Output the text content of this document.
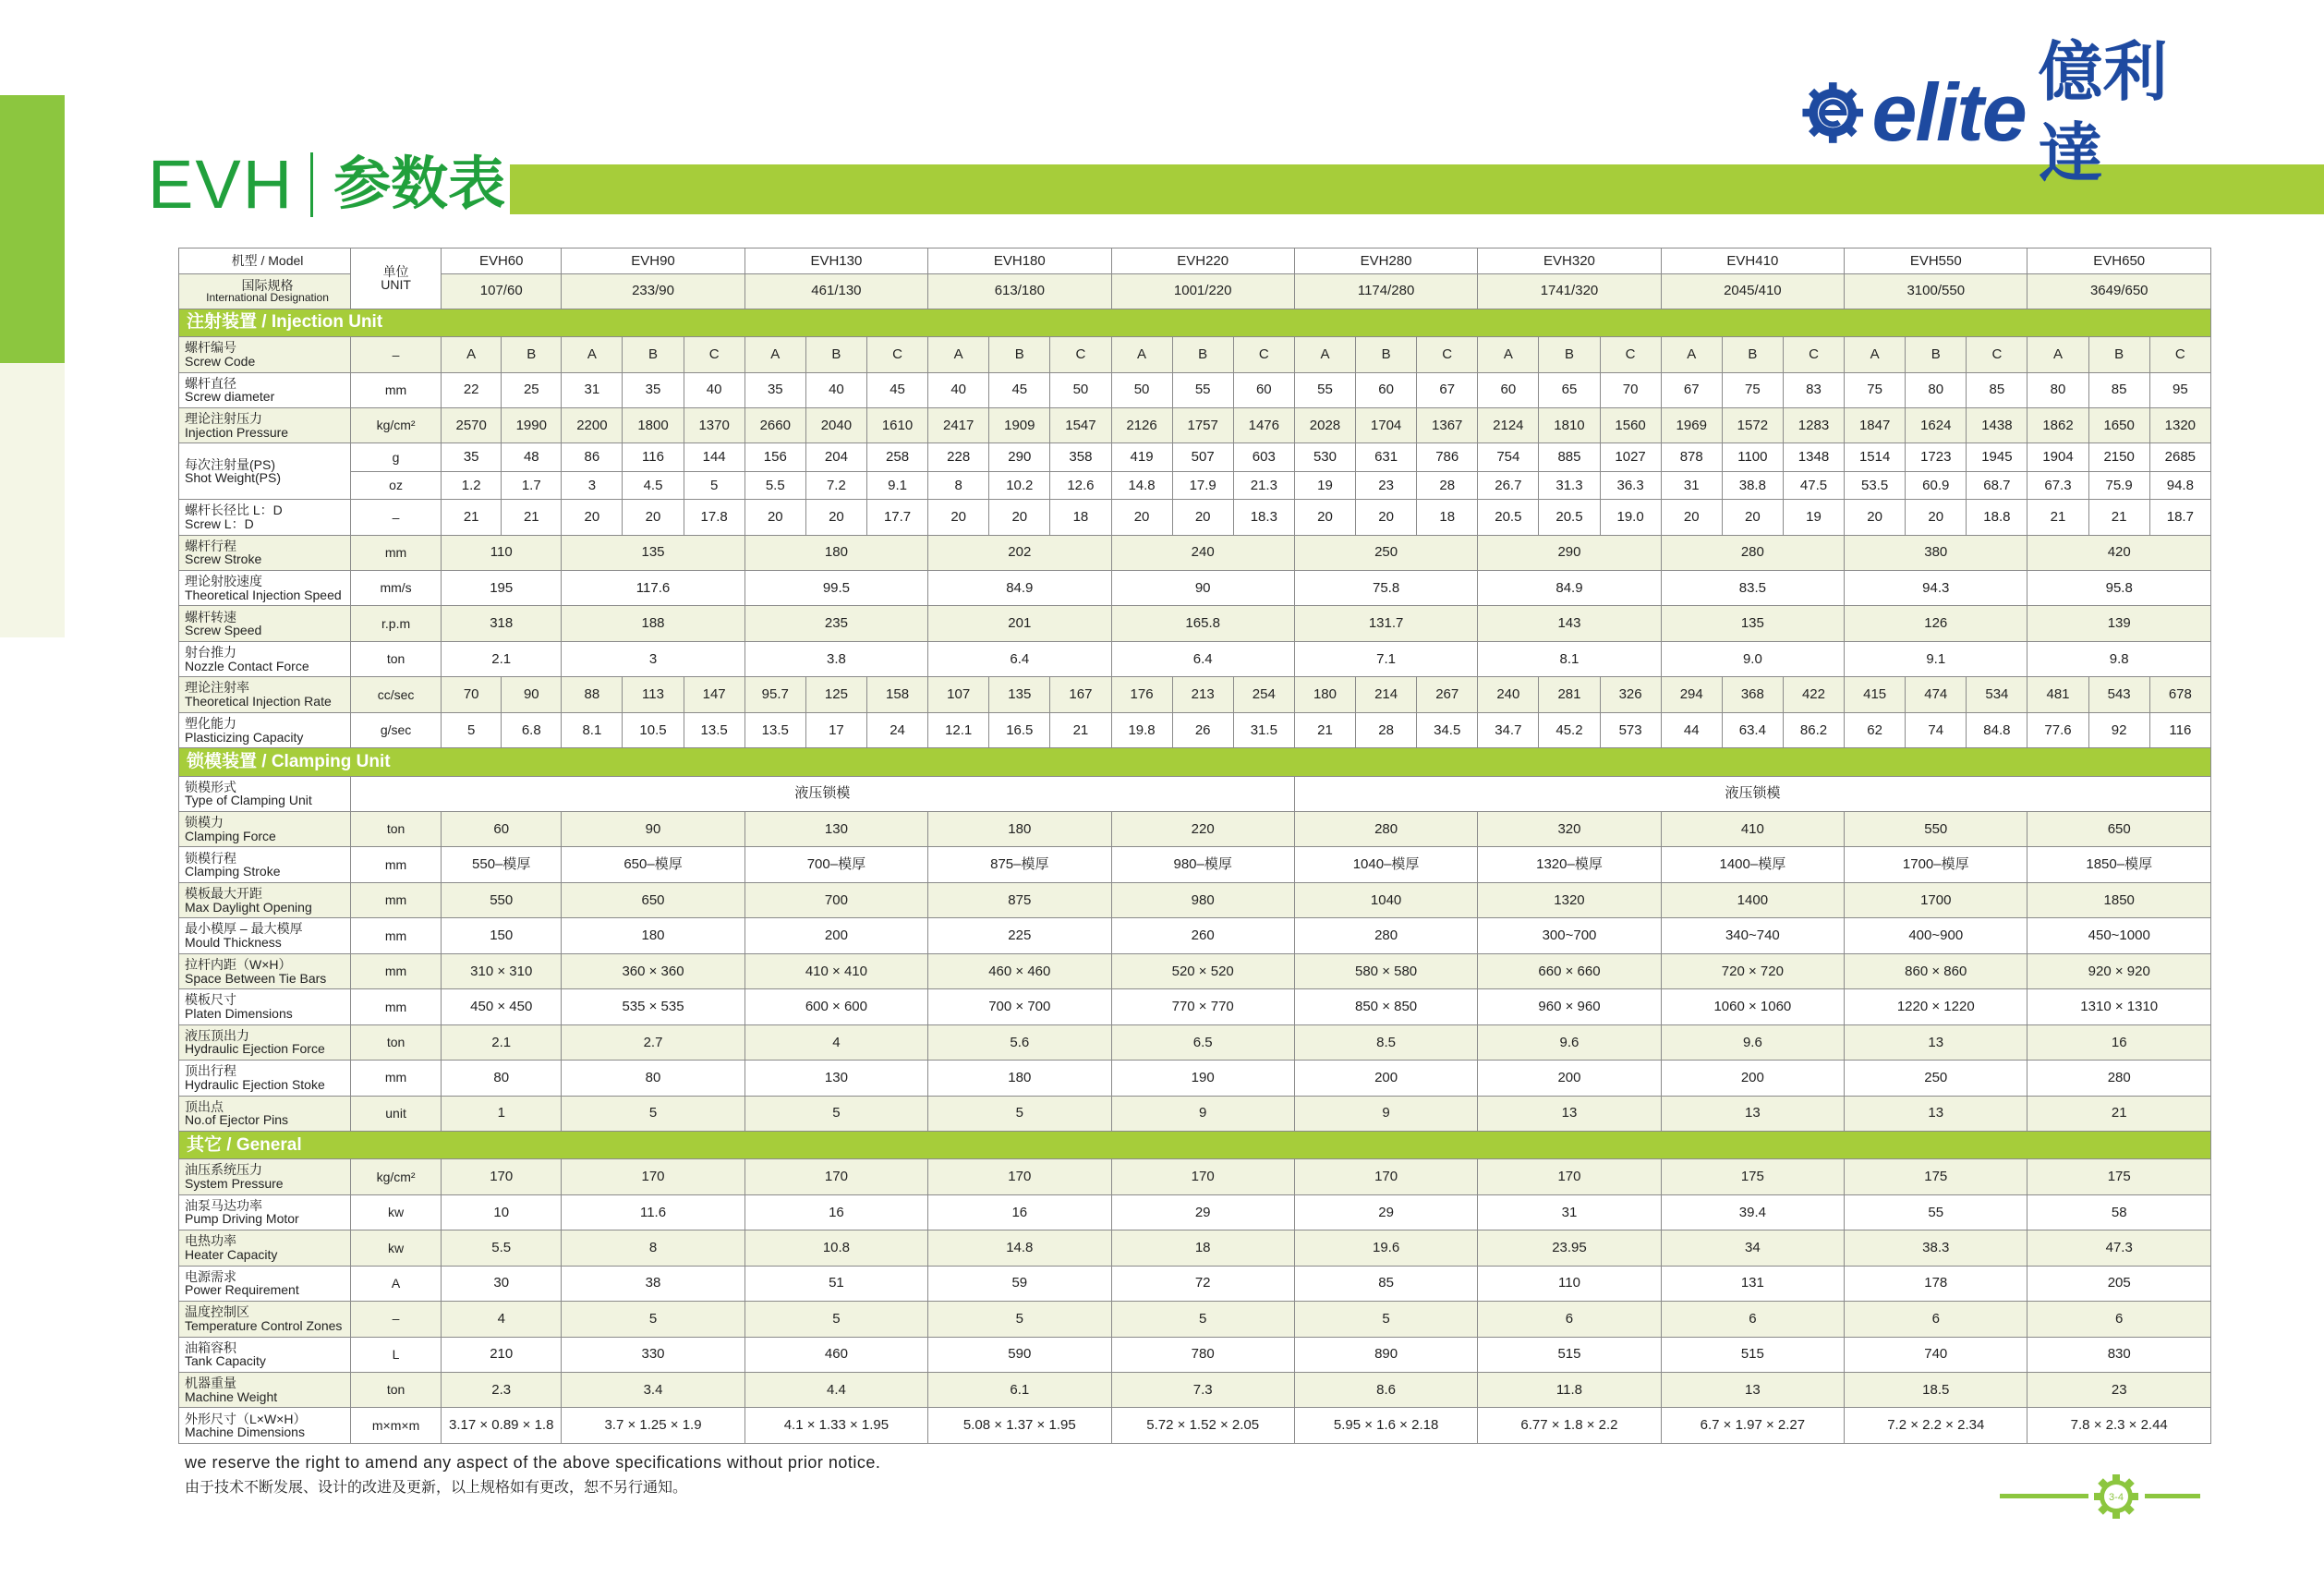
EVH 参数表
elite 億利達
机型 / Model	单位
UNIT	EVH60		EVH90			EVH130			EVH180			EVH220			EVH280			EVH320			EVH410			EVH550			EVH650		

国际规格
International Designation		107/60		233/90			461/130			613/180			1001/220			1174/280			1741/320			2045/410			3100/550			3649/650		
注射装置 / Injection Unit																														

螺杆编号
Screw Code	–	A	B	A	B	C	A	B	C	A	B	C	A	B	C	A	B	C	A	B	C	A	B	C	A	B	C	A	B	C

螺杆直径
Screw diameter	mm	22	25	31	35	40	35	40	45	40	45	50	50	55	60	55	60	67	60	65	70	67	75	83	75	80	85	80	85	95

理论注射压力
Injection Pressure	kg/cm²	2570	1990	2200	1800	1370	2660	2040	1610	2417	1909	1547	2126	1757	1476	2028	1704	1367	2124	1810	1560	1969	1572	1283	1847	1624	1438	1862	1650	1320

每次注射量(PS)
Shot Weight(PS)	g	35	48	86	116	144	156	204	258	228	290	358	419	507	603	530	631	786	754	885	1027	878	1100	1348	1514	1723	1945	1904	2150	2685
	oz	1.2	1.7	3	4.5	5	5.5	7.2	9.1	8	10.2	12.6	14.8	17.9	21.3	19	23	28	26.7	31.3	36.3	31	38.8	47.5	53.5	60.9	68.7	67.3	75.9	94.8

螺杆长径比 L：D
Screw L：D	–	21	21	20	20	17.8	20	20	17.7	20	20	18	20	20	18.3	20	20	18	20.5	20.5	19.0	20	20	19	20	20	18.8	21	21	18.7

螺杆行程
Screw Stroke	mm	110		135			180			202			240			250			290			280			380			420		

理论射胶速度
Theoretical Injection Speed	mm/s	195		117.6			99.5			84.9			90			75.8			84.9			83.5			94.3			95.8		

螺杆转速
Screw Speed	r.p.m	318		188			235			201			165.8			131.7			143			135			126			139		

射台推力
Nozzle Contact Force	ton	2.1		3			3.8			6.4			6.4			7.1			8.1			9.0			9.1			9.8		

理论注射率
Theoretical Injection Rate	cc/sec	70	90	88	113	147	95.7	125	158	107	135	167	176	213	254	180	214	267	240	281	326	294	368	422	415	474	534	481	543	678

塑化能力
Plasticizing Capacity	g/sec	5	6.8	8.1	10.5	13.5	13.5	17	24	12.1	16.5	21	19.8	26	31.5	21	28	34.5	34.7	45.2	573	44	63.4	86.2	62	74	84.8	77.6	92	116
锁模装置 / Clamping Unit																														

锁模形式
Type of Clamping Unit	液压锁模															液压锁模														

锁模力
Clamping Force	ton	60		90			130			180			220			280			320			410			550			650		

锁模行程
Clamping Stroke	mm	550–模厚		650–模厚			700–模厚			875–模厚			980–模厚			1040–模厚			1320–模厚			1400–模厚			1700–模厚			1850–模厚		

模板最大开距
Max Daylight Opening	mm	550		650			700			875			980			1040			1320			1400			1700			1850		

最小模厚 – 最大模厚
Mould Thickness	mm	150		180			200			225			260			280			300~700			340~740			400~900			450~1000		

拉杆内距（W×H）
Space Between Tie Bars	mm	310 × 310		360 × 360			410 × 410			460 × 460			520 × 520			580 × 580			660 × 660			720 × 720			860 × 860			920 × 920		

模板尺寸
Platen Dimensions	mm	450 × 450		535 × 535			600 × 600			700 × 700			770 × 770			850 × 850			960 × 960			1060 × 1060			1220 × 1220			1310 × 1310		

液压顶出力
Hydraulic Ejection Force	ton	2.1		2.7			4			5.6			6.5			8.5			9.6			9.6			13			16		

顶出行程
Hydraulic Ejection Stoke	mm	80		80			130			180			190			200			200			200			250			280		

顶出点
No.of Ejector Pins	unit	1		5			5			5			9			9			13			13			13			21		
其它 / General																														

油压系统压力
System Pressure	kg/cm²	170		170			170			170			170			170			170			175			175			175		

油泵马达功率
Pump Driving Motor	kw	10		11.6			16			16			29			29			31			39.4			55			58		

电热功率
Heater Capacity	kw	5.5		8			10.8			14.8			18			19.6			23.95			34			38.3			47.3		

电源需求
Power Requirement	A	30		38			51			59			72			85			110			131			178			205		

温度控制区
Temperature Control Zones	–	4		5			5			5			5			5			6			6			6			6		

油箱容积
Tank Capacity	L	210		330			460			590			780			890			515			515			740			830		

机器重量
Machine Weight	ton	2.3		3.4			4.4			6.1			7.3			8.6			11.8			13			18.5			23		

外形尺寸（L×W×H）
Machine Dimensions	m×m×m	3.17 × 0.89 × 1.8		3.7 × 1.25 × 1.9			4.1 × 1.33 × 1.95			5.08 × 1.37 × 1.95			5.72 × 1.52 × 2.05			5.95 × 1.6 × 2.18			6.77 × 1.8 × 2.2			6.7 × 1.97 × 2.27			7.2 × 2.2 × 2.34			7.8 × 2.3 × 2.44		
we reserve the right to amend any aspect of the above specifications without prior notice.
由于技术不断发展、设计的改进及更新，以上规格如有更改，恕不另行通知。
3-4
